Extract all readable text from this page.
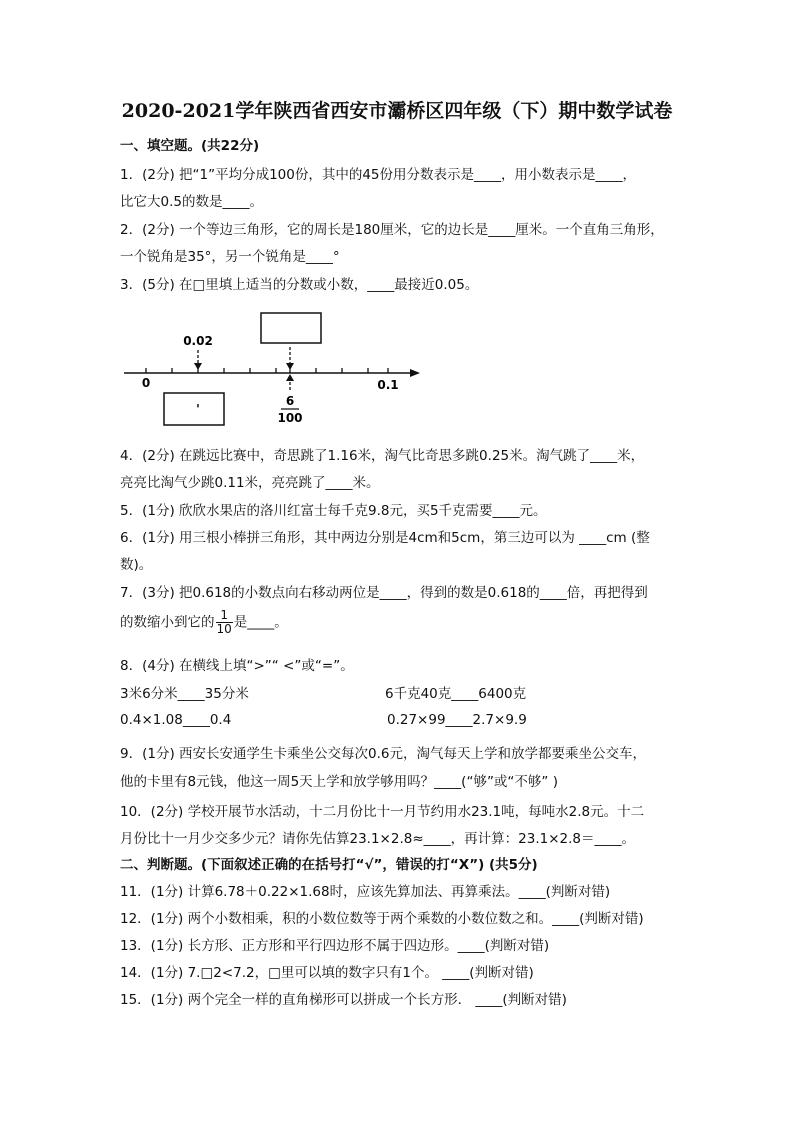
2020-2021学年陕西省西安市灞桥区四年级（下）期中数学试卷
一、填空题。(共22分)
1．(2分) 把“1”平均分成100份，其中的45份用分数表示是____，用小数表示是____，
比它大0.5的数是____。
2．(2分) 一个等边三角形，它的周长是180厘米，它的边长是____厘米。一个直角三角形，
一个锐角是35°，另一个锐角是____°
3．(5分) 在□里填上适当的分数或小数，____最接近0.05。
0.02
0	0.1
6
100
'
4．(2分) 在跳远比赛中，奇思跳了1.16米，淘气比奇思多跳0.25米。淘气跳了____米，
亮亮比淘气少跳0.11米，亮亮跳了____米。
5．(1分) 欣欣水果店的洛川红富士每千克9.8元，买5千克需要____元。
6．(1分) 用三根小棒拼三角形，其中两边分别是4cm和5cm，第三边可以为 ____cm (整
数)。
7．(3分) 把0.618的小数点向右移动两位是____，得到的数是0.618的____倍，再把得到
的数缩小到它的 $\frac{1}{10}$ 是____。
8．(4分) 在横线上填“>”“ <”或“=”。
3米6分米____35分米	6千克40克____6400克
0.4×1.08____0.4	0.27×99____2.7×9.9
9．(1分) 西安长安通学生卡乘坐公交每次0.6元，淘气每天上学和放学都要乘坐公交车，
他的卡里有8元钱，他这一周5天上学和放学够用吗？____(“够”或“不够” )
10．(2分) 学校开展节水活动，十二月份比十一月节约用水23.1吨，每吨水2.8元。十二
月份比十一月少交多少元？请你先估算23.1×2.8≈____，再计算：23.1×2.8＝____。
二、判断题。(下面叙述正确的在括号打“√”，错误的打“X”) (共5分)
11．(1分) 计算6.78＋0.22×1.68时，应该先算加法、再算乘法。____(判断对错)
12．(1分) 两个小数相乘，积的小数位数等于两个乘数的小数位数之和。____(判断对错)
13．(1分) 长方形、正方形和平行四边形不属于四边形。____(判断对错)
14．(1分) 7.□2<7.2，□里可以填的数字只有1个。 ____(判断对错)
15．(1分) 两个完全一样的直角梯形可以拼成一个长方形． ____(判断对错)
